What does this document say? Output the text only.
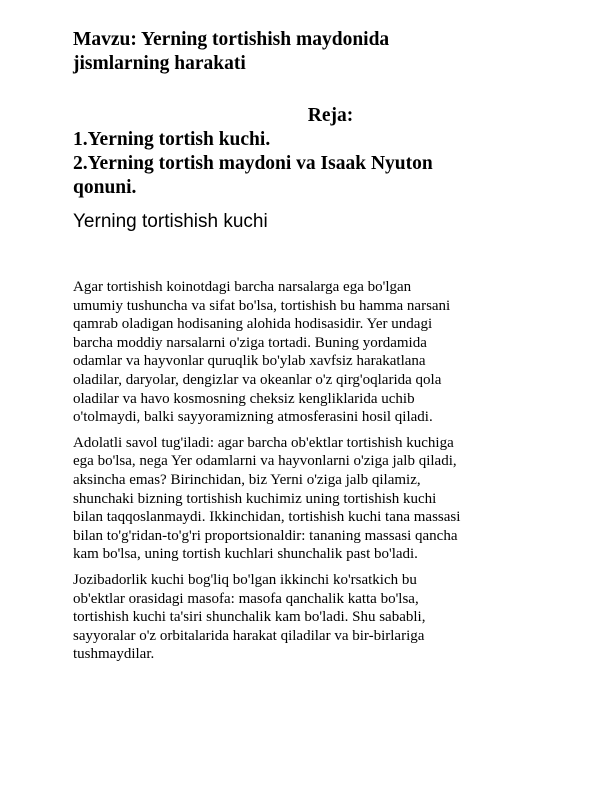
Mavzu: Yerning tortishish maydonida
jismlarning harakati

Reja:

1.Yerning tortish kuchi.

2.Yerning tortish maydoni va Isaak Nyuton

qonuni.

Yerning tortishish kuchi

Agar tortishish koinotdagi barcha narsalarga ega bo'lgan
umumiy tushuncha va sifat bo'lsa, tortishish bu hamma narsani
qamrab oladigan hodisaning alohida hodisasidir. Yer undagi
barcha moddiy narsalarni o'ziga tortadi. Buning yordamida
odamlar va hayvonlar quruqlik bo'ylab xavfsiz harakatlana
oladilar, daryolar, dengizlar va okeanlar o'z qirg'oqlarida qola
oladilar va havo kosmosning cheksiz kengliklarida uchib
o'tolmaydi, balki sayyoramizning atmosferasini hosil qiladi.

Adolatli savol tug'iladi: agar barcha ob'ektlar tortishish kuchiga
ega bo'lsa, nega Yer odamlarni va hayvonlarni o'ziga jalb qiladi,
aksincha emas? Birinchidan, biz Yerni o'ziga jalb qilamiz,
shunchaki bizning tortishish kuchimiz uning tortishish kuchi
bilan taqqoslanmaydi. Ikkinchidan, tortishish kuchi tana massasi
bilan to'g'ridan-to'g'ri proportsionaldir: tananing massasi qancha
kam bo'lsa, uning tortish kuchlari shunchalik past bo'ladi.

Jozibadorlik kuchi bog'liq bo'lgan ikkinchi ko'rsatkich bu
ob'ektlar orasidagi masofa: masofa qanchalik katta bo'lsa,
tortishish kuchi ta'siri shunchalik kam bo'ladi. Shu sababli,
sayyoralar o'z orbitalarida harakat qiladilar va bir-birlariga
tushmaydilar.
